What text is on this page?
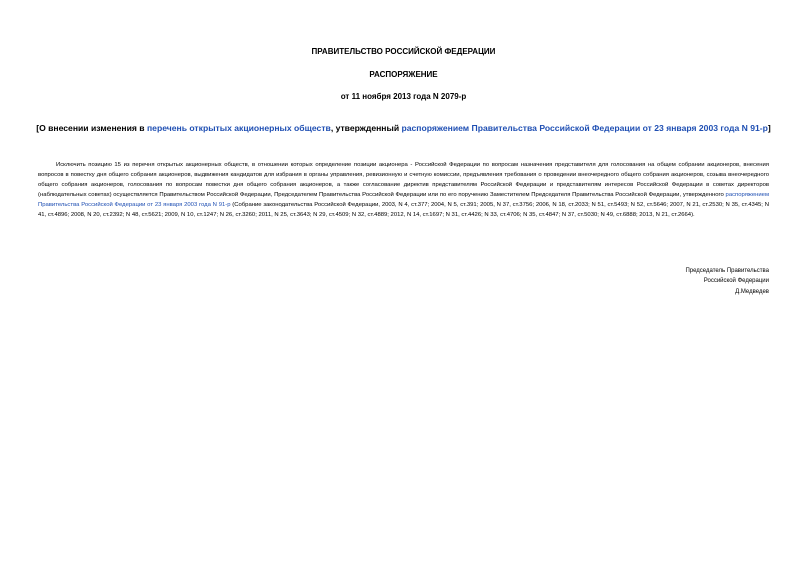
ПРАВИТЕЛЬСТВО РОССИЙСКОЙ ФЕДЕРАЦИИ

РАСПОРЯЖЕНИЕ

от 11 ноября 2013 года N 2079-р

[О внесении изменения в перечень открытых акционерных обществ, утвержденный распоряжением Правительства Российской Федерации от 23 января 2003 года N 91-р]

Исключить позицию 15 из перечня открытых акционерных обществ, в отношении которых определение позиции акционера - Российской Федерации по вопросам назначения представителя для голосования на общем собрании акционеров, внесения вопросов в повестку дня общего собрания акционеров, выдвижения кандидатов для избрания в органы управления, ревизионную и счетную комиссии, предъявления требования о проведении внеочередного общего собрания акционеров, созыва внеочередного общего собрания акционеров, голосования по вопросам повестки дня общего собрания акционеров, а также согласование директив представителям Российской Федерации и представителям интересов Российской Федерации в советах директоров (наблюдательных советах) осуществляется Правительством Российской Федерации, Председателем Правительства Российской Федерации или по его поручению Заместителем Председателя Правительства Российской Федерации, утвержденного распоряжением Правительства Российской Федерации от 23 января 2003 года N 91-р (Собрание законодательства Российской Федерации, 2003, N 4, ст.377; 2004, N 5, ст.391; 2005, N 37, ст.3756; 2006, N 18, ст.2033; N 51, ст.5493; N 52, ст.5646; 2007, N 21, ст.2530; N 35, ст.4345; N 41, ст.4896; 2008, N 20, ст.2392; N 48, ст.5621; 2009, N 10, ст.1247; N 26, ст.3260; 2011, N 25, ст.3643; N 29, ст.4509; N 32, ст.4889; 2012, N 14, ст.1697; N 31, ст.4426; N 33, ст.4706; N 35, ст.4847; N 37, ст.5030; N 49, ст.6888; 2013, N 21, ст.2664).

Председатель Правительства
Российской Федерации
Д.Медведев
